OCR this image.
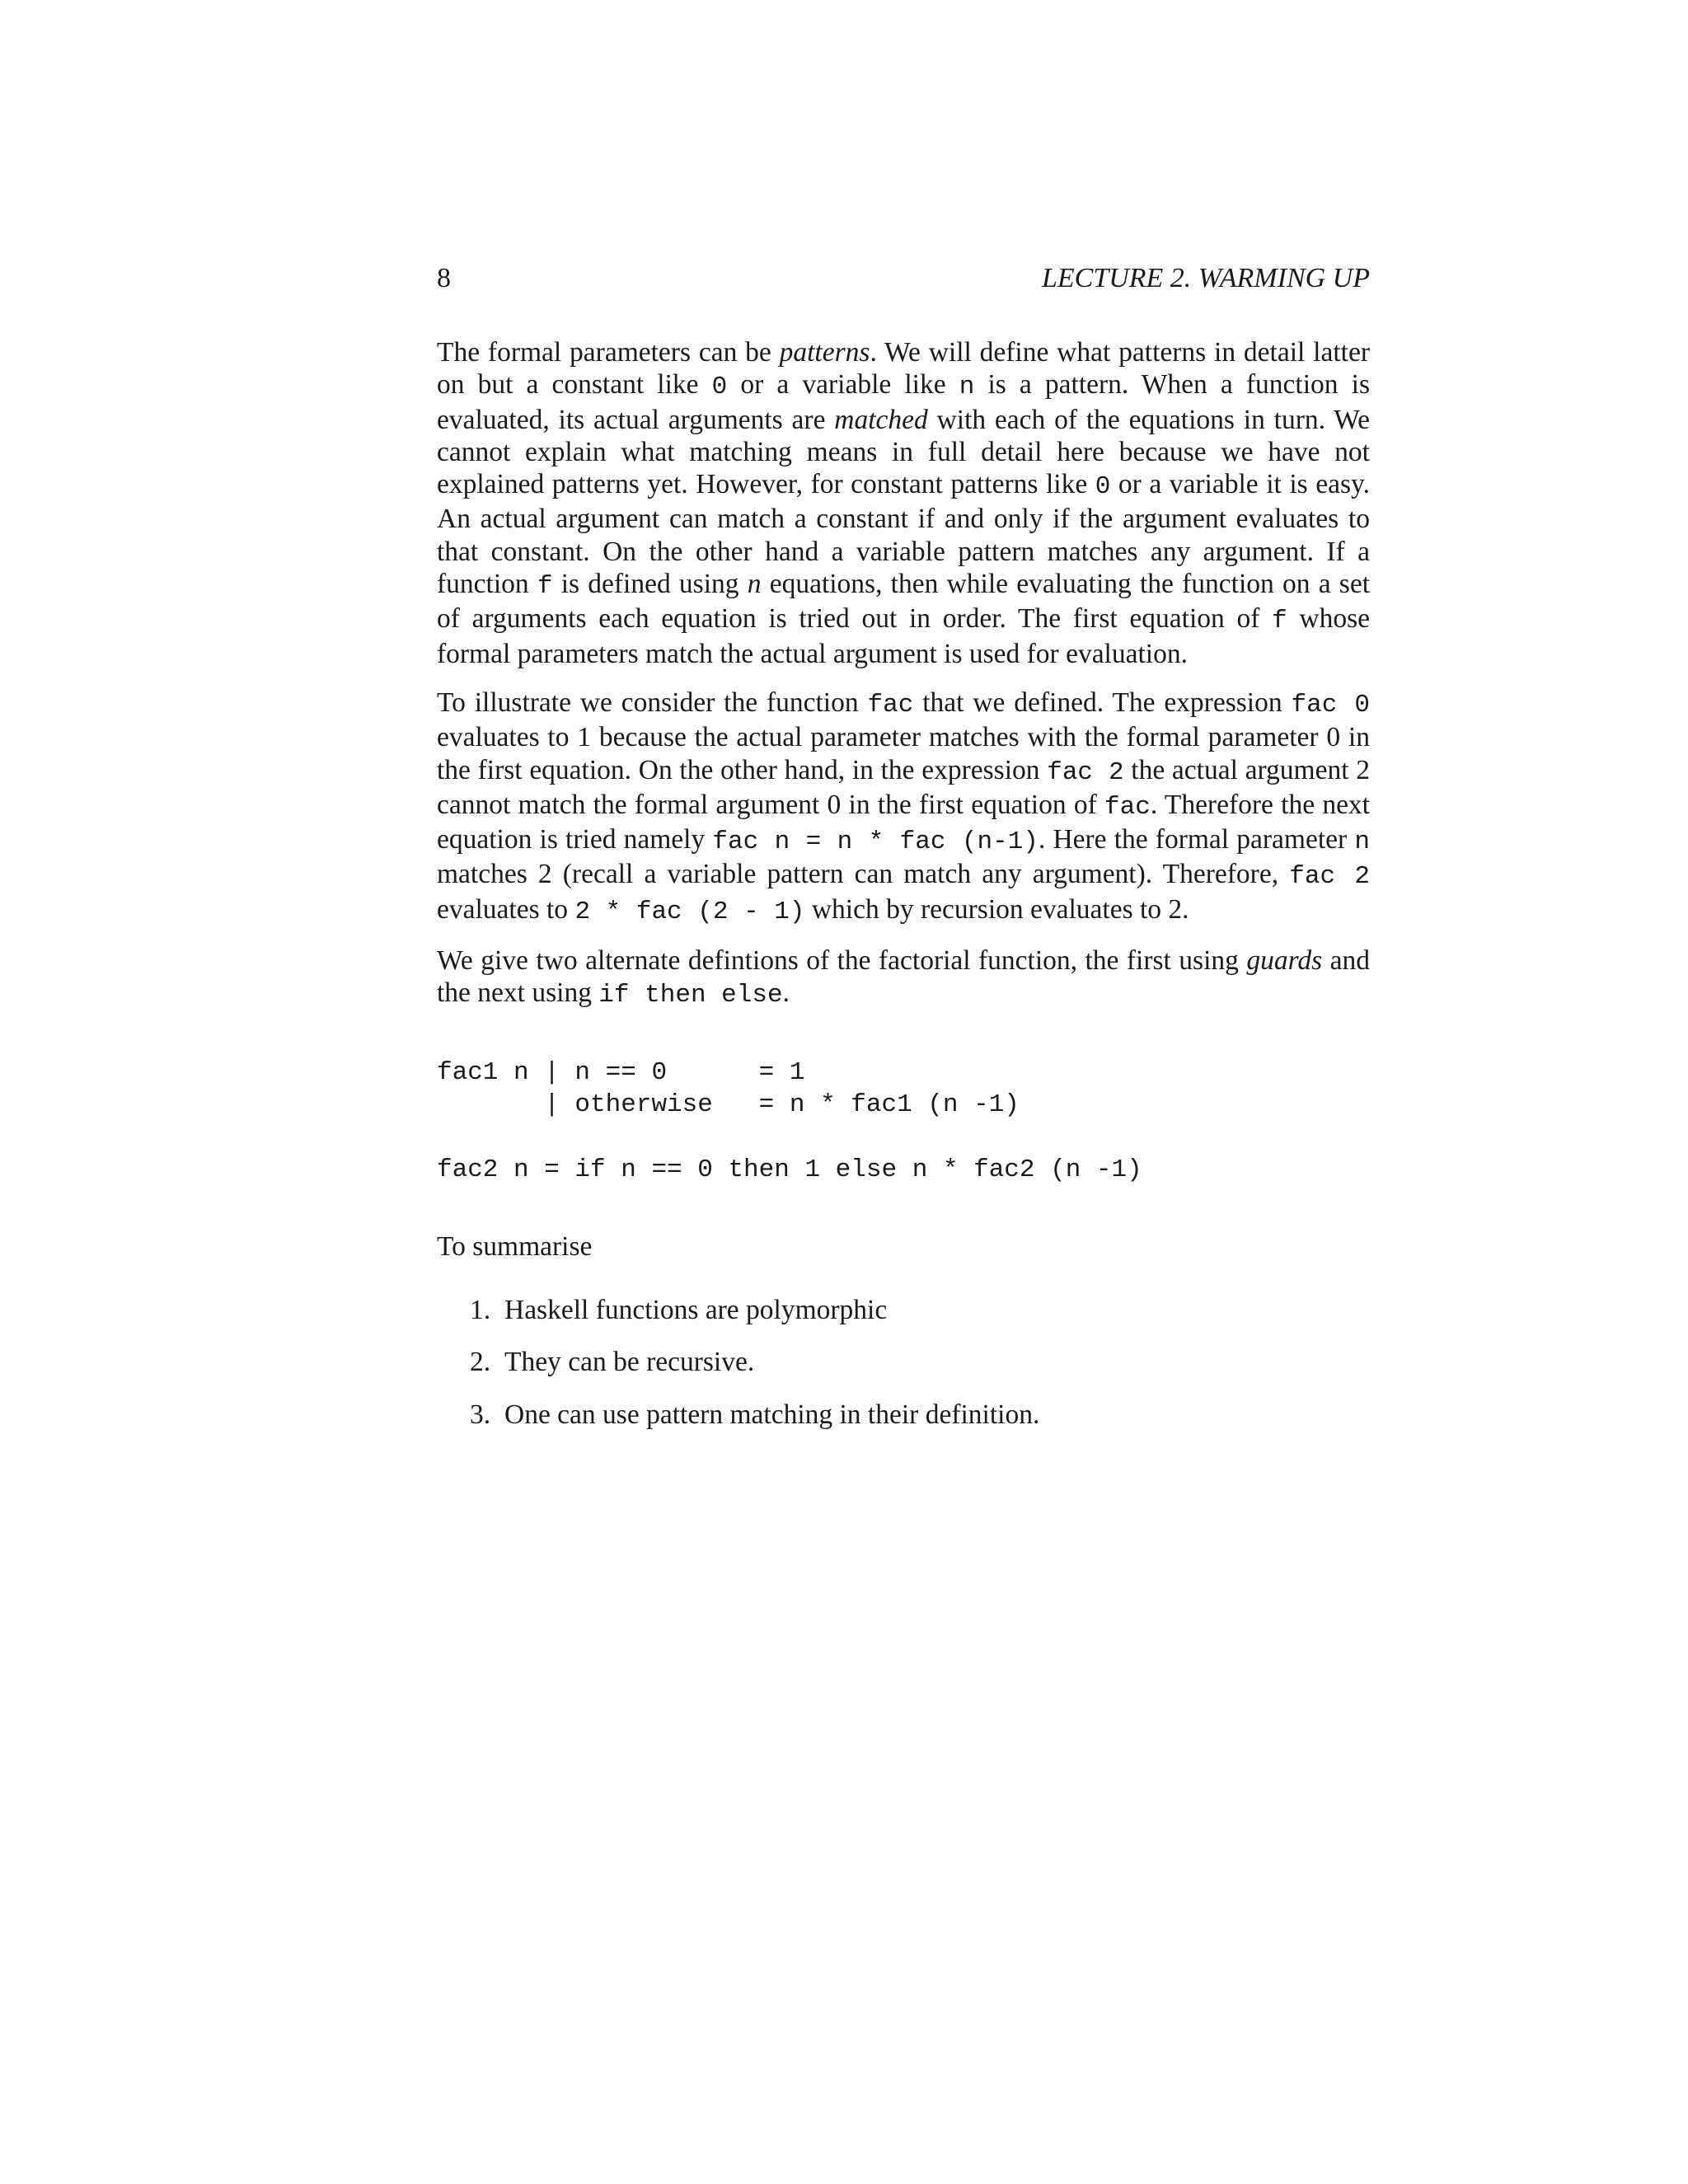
8	LECTURE 2. WARMING UP

The formal parameters can be patterns. We will define what patterns in detail latter on but a constant like 0 or a variable like n is a pattern. When a function is evaluated, its actual arguments are matched with each of the equations in turn. We cannot explain what matching means in full detail here because we have not explained patterns yet. However, for constant patterns like 0 or a variable it is easy. An actual argument can match a constant if and only if the argument evaluates to that constant. On the other hand a variable pattern matches any argument. If a function f is defined using n equations, then while evaluating the function on a set of arguments each equation is tried out in order. The first equation of f whose formal parameters match the actual argument is used for evaluation.

To illustrate we consider the function fac that we defined. The expression fac 0 evaluates to 1 because the actual parameter matches with the formal parameter 0 in the first equation. On the other hand, in the expression fac 2 the actual argument 2 cannot match the formal argument 0 in the first equation of fac. Therefore the next equation is tried namely fac n = n * fac (n-1). Here the formal parameter n matches 2 (recall a variable pattern can match any argument). Therefore, fac 2 evaluates to 2 * fac (2 - 1) which by recursion evaluates to 2.

We give two alternate defintions of the factorial function, the first using guards and the next using if then else.

fac1 n | n == 0      = 1
| otherwise   = n * fac1 (n -1)
fac2 n = if n == 0 then 1 else n * fac2 (n -1)

To summarise

1. Haskell functions are polymorphic
2. They can be recursive.
3. One can use pattern matching in their definition.
